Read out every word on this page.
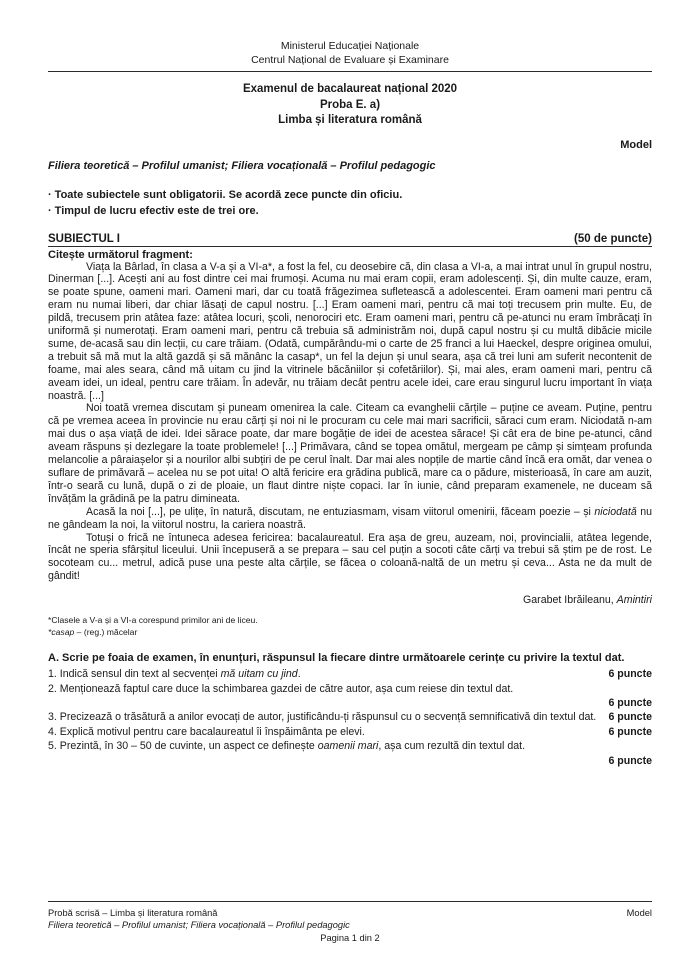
Ministerul Educației Naționale
Centrul Național de Evaluare și Examinare
Examenul de bacalaureat național 2020
Proba E. a)
Limba și literatura română
Model
Filiera teoretică – Profilul umanist; Filiera vocațională – Profilul pedagogic
· Toate subiectele sunt obligatorii. Se acordă zece puncte din oficiu.
· Timpul de lucru efectiv este de trei ore.
SUBIECTUL I	(50 de puncte)
Citește următorul fragment:

Viața la Bârlad, în clasa a V-a și a VI-a*, a fost la fel, cu deosebire că, din clasa a VI-a, a mai intrat unul în grupul nostru, Dinerman [...]. Acești ani au fost dintre cei mai frumoși. Acuma nu mai eram copii, eram adolescenți. Și, din multe cauze, eram, se poate spune, oameni mari. Oameni mari, dar cu toată frăgezimea sufletească a adolescentei. Eram oameni mari pentru că eram nu numai liberi, dar chiar lăsați de capul nostru. [...] Eram oameni mari, pentru că mai toți trecusem prin multe. Eu, de pildă, trecusem prin atâtea faze: atâtea locuri, școli, nenorociri etc. Eram oameni mari, pentru că pe-atunci nu eram îmbrăcați în uniformă și numerotați. Eram oameni mari, pentru că trebuia să administrăm noi, după capul nostru și cu multă dibăcie micile sume, de-acasă sau din lecții, cu care trăiam. (Odată, cumpărându-mi o carte de 25 franci a lui Haeckel, despre originea omului, a trebuit să mă mut la altă gazdă și să mănânc la casap*, un fel la dejun și unul seara, așa că trei luni am suferit necontenit de foame, mai ales seara, când mă uitam cu jind la vitrinele băcăniilor și cofetăriilor). Și, mai ales, eram oameni mari, pentru că aveam idei, un ideal, pentru care trăiam. În adevăr, nu trăiam decât pentru acele idei, care erau singurul lucru important în viața noastră. [...]

Noi toată vremea discutam și puneam omenirea la cale. Citeam ca evanghelii cărțile – puține ce aveam. Puține, pentru că pe vremea aceea în provincie nu erau cărți și noi ni le procuram cu cele mai mari sacrificii, săraci cum eram. Niciodată n-am mai dus o așa viață de idei. Idei sărace poate, dar mare bogăție de idei de acestea sărace! Și cât era de bine pe-atunci, când aveam răspuns și dezlegare la toate problemele! [...] Primăvara, când se topea omătul, mergeam pe câmp și simțeam profunda melancolie a pâraiașelor și a nourilor albi subțiri de pe cerul înalt. Dar mai ales nopțile de martie când încă era omăt, dar venea o suflare de primăvară – acelea nu se pot uita! O altă fericire era grădina publică, mare ca o pădure, misterioasă, în care am auzit, într-o seară cu lună, după o zi de ploaie, un flaut dintre niște copaci. Iar în iunie, când preparam examenele, ne duceam să învățăm la grădină pe la patru dimineata.

Acasă la noi [...], pe ulițe, în natură, discutam, ne entuziasmam, visam viitorul omenirii, făceam poezie – și niciodată nu ne gândeam la noi, la viitorul nostru, la cariera noastră.

Totuși o frică ne întuneca adesea fericirea: bacalaureatul. Era așa de greu, auzeam, noi, provincialii, atâtea legende, încât ne speria sfârșitul liceului. Unii începuseră a se prepara – sau cel puțin a socoti câte cărți va trebui să știm pe de rost. Le socoteam cu... metrul, adică puse una peste alta cărțile, se făcea o coloană-naltă de un metru și ceva... Asta ne da mult de gândit!

Garabet Ibrăileanu, Amintiri
*Clasele a V-a și a VI-a corespund primilor ani de liceu.
*casap – (reg.) măcelar
A. Scrie pe foaia de examen, în enunțuri, răspunsul la fiecare dintre următoarele cerințe cu privire la textul dat.
6 puncte
1. Indică sensul din text al secvenței mă uitam cu jind.
2. Menționează faptul care duce la schimbarea gazdei de către autor, așa cum reiese din textul dat.
6 puncte
6 puncte
3. Precizează o trăsătură a anilor evocați de autor, justificându-ți răspunsul cu o secvență semnificativă din textul dat.
6 puncte
4. Explică motivul pentru care bacalaureatul îi înspăimânta pe elevi.
5. Prezintă, în 30 – 50 de cuvinte, un aspect ce definește oamenii mari, așa cum rezultă din textul dat.
6 puncte
Probă scrisă – Limba și literatura română	Model
Filiera teoretică – Profilul umanist; Filiera vocațională – Profilul pedagogic
Pagina 1 din 2
